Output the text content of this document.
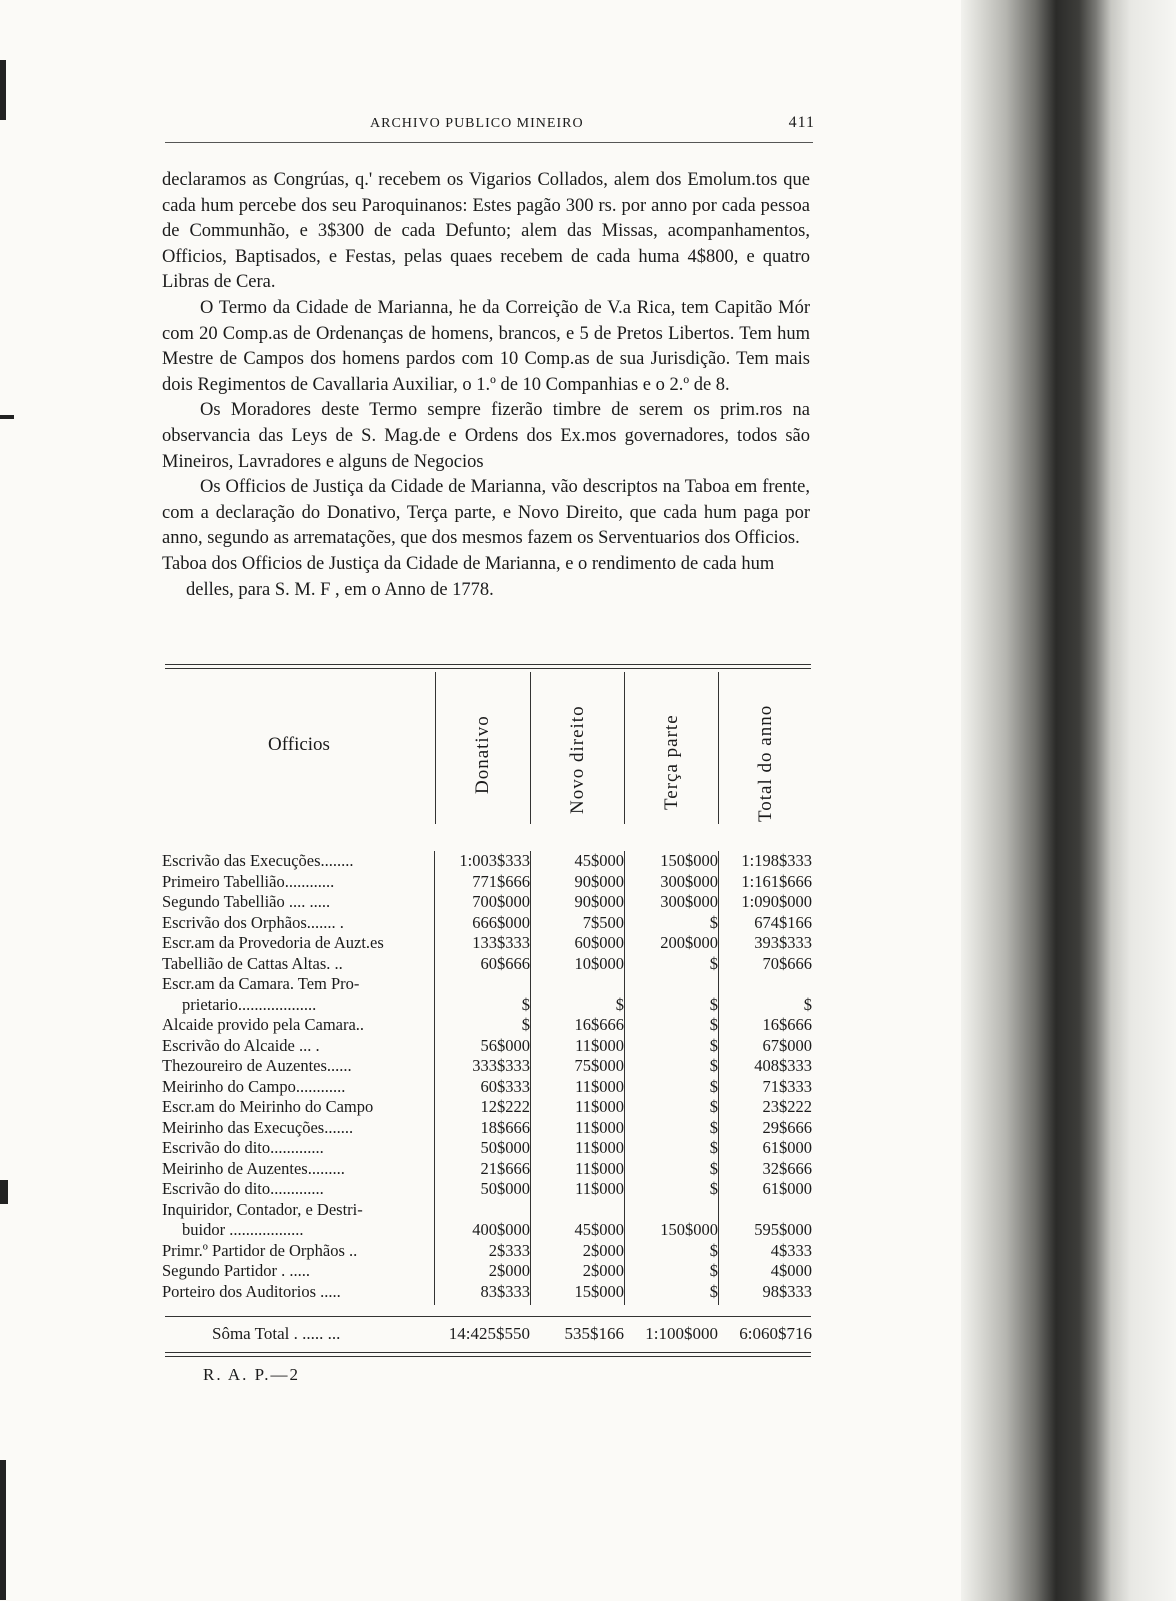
ARCHIVO PUBLICO MINEIRO	411

declaramos as Congrúas, q.' recebem os Vigarios Collados, alem dos Emolum.tos que cada hum percebe dos seu Paroquinanos: Estes pagão 300 rs. por anno por cada pessoa de Communhão, e 3$300 de cada Defunto; alem das Missas, acompanhamentos, Officios, Baptisados, e Festas, pelas quaes recebem de cada huma 4$800, e quatro Libras de Cera.

O Termo da Cidade de Marianna, he da Correição de V.a Rica, tem Capitão Mór com 20 Comp.as de Ordenanças de homens, brancos, e 5 de Pretos Libertos. Tem hum Mestre de Campos dos homens pardos com 10 Comp.as de sua Jurisdição. Tem mais dois Regimentos de Cavallaria Auxiliar, o 1.º de 10 Companhias e o 2.º de 8.

Os Moradores deste Termo sempre fizerão timbre de serem os prim.ros na observancia das Leys de S. Mag.de e Ordens dos Ex.mos governadores, todos são Mineiros, Lavradores e alguns de Negocios

Os Officios de Justiça da Cidade de Marianna, vão descriptos na Taboa em frente, com a declaração do Donativo, Terça parte, e Novo Direito, que cada hum paga por anno, segundo as arrematações, que dos mesmos fazem os Serventuarios dos Officios.

Taboa dos Officios de Justiça da Cidade de Marianna, e o rendimento de cada hum delles, para S. M. F , em o Anno de 1778.

Officios	Donativo	Novo direito	Terça parte	Total do anno
Escrivão das Execuções........	1:003$333	45$000	150$000	1:198$333
Primeiro Tabellião............	771$666	90$000	300$000	1:161$666
Segundo Tabellião .... .....	700$000	90$000	300$000	1:090$000
Escrivão dos Orphãos....... .	666$000	7$500	$	674$166
Escr.am da Provedoria de Auzt.es	133$333	60$000	200$000	393$333
Tabellião de Cattas Altas. ..	60$666	10$000	$	70$666
Escr.am da Camara. Tem Pro-
prietario...................	$	$	$	$
Alcaide provido pela Camara..	$	16$666	$	16$666
Escrivão do Alcaide ... .	56$000	11$000	$	67$000
Thezoureiro de Auzentes......	333$333	75$000	$	408$333
Meirinho do Campo............	60$333	11$000	$	71$333
Escr.am do Meirinho do Campo	12$222	11$000	$	23$222
Meirinho das Execuções.......	18$666	11$000	$	29$666
Escrivão do dito.............	50$000	11$000	$	61$000
Meirinho de Auzentes.........	21$666	11$000	$	32$666
Escrivão do dito.............	50$000	11$000	$	61$000
Inquiridor, Contador, e Destri-
buidor ..................	400$000	45$000	150$000	595$000
Primr.º Partidor de Orphãos ..	2$333	2$000	$	4$333
Segundo Partidor . .....	2$000	2$000	$	4$000
Porteiro dos Auditorios .....	83$333	15$000	$	98$333
Sôma Total . ..... ...	14:425$550	535$166	1:100$000	6:060$716
R. A. P.—2
